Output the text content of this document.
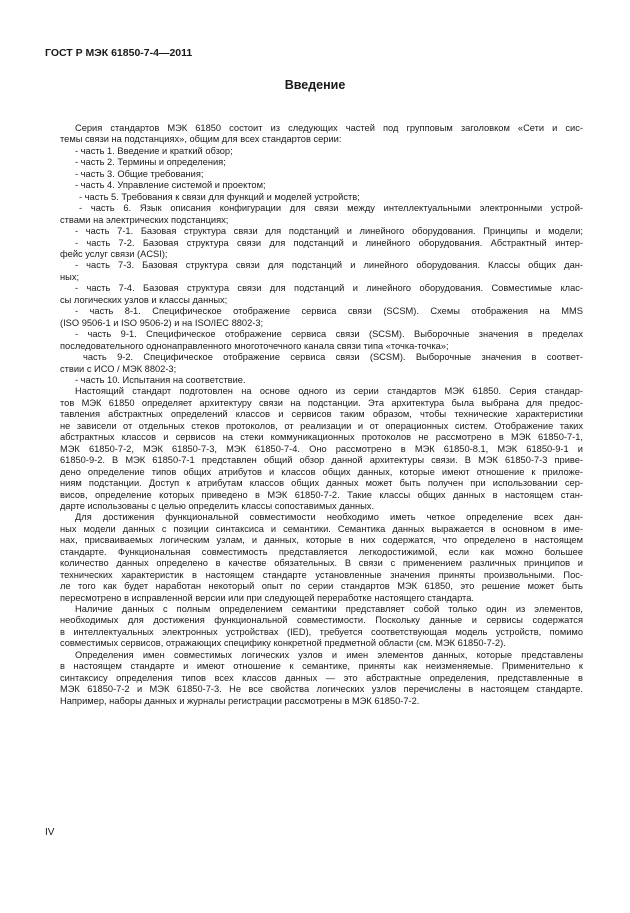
ГОСТ Р МЭК 61850-7-4—2011
Введение
Серия стандартов МЭК 61850 состоит из следующих частей под групповым заголовком «Сети и сис-
темы связи на подстанциях», общим для всех стандартов серии:
- часть 1. Введение и краткий обзор;
- часть 2. Термины и определения;
- часть 3. Общие требования;
- часть 4. Управление системой и проектом;
- часть 5. Требования к связи для функций и моделей устройств;
- часть 6. Язык описания конфигурации для связи между интеллектуальными электронными устрой-
ствами на электрических подстанциях;
- часть 7-1. Базовая структура связи для подстанций и линейного оборудования. Принципы и модели;
- часть 7-2. Базовая структура связи для подстанций и линейного оборудования. Абстрактный интер-
фейс услуг связи (ACSI);
- часть 7-3. Базовая структура связи для подстанций и линейного оборудования. Классы общих дан-
ных;
- часть 7-4. Базовая структура связи для подстанций и линейного оборудования. Совместимые клас-
сы логических узлов и классы данных;
- часть 8-1. Специфическое отображение сервиса связи (SCSM). Схемы отображения на MMS
(ISO 9506-1 и ISO 9506-2) и на ISO/IEC 8802-3;
- часть 9-1. Специфическое отображение сервиса связи (SCSM). Выборочные значения в пределах
последовательного однонаправленного многоточечного канала связи типа «точка-точка»;
часть 9-2. Специфическое отображение сервиса связи (SCSM). Выборочные значения в соответ-
ствии с ИСО / МЭК 8802-3;
- часть 10. Испытания на соответствие.
Настоящий стандарт подготовлен на основе одного из серии стандартов МЭК 61850. Серия стандар-
тов МЭК 61850 определяет архитектуру связи на подстанции. Эта архитектура была выбрана для предос-
тавления абстрактных определений классов и сервисов таким образом, чтобы технические характеристики
не зависели от отдельных стеков протоколов, от реализации и от операционных систем. Отображение таких
абстрактных классов и сервисов на стеки коммуникационных протоколов не рассмотрено в МЭК 61850-7-1,
МЭК 61850-7-2, МЭК 61850-7-3, МЭК 61850-7-4. Оно рассмотрено в МЭК 61850-8.1, МЭК 61850-9-1 и
61850-9-2. В МЭК 61850-7-1 представлен общий обзор данной архитектуры связи. В МЭК 61850-7-3 приве-
дено определение типов общих атрибутов и классов общих данных, которые имеют отношение к приложе-
ниям подстанции. Доступ к атрибутам классов общих данных может быть получен при использовании сер-
висов, определение которых приведено в МЭК 61850-7-2. Такие классы общих данных в настоящем стан-
дарте использованы с целью определить классы сопоставимых данных.
Для достижения функциональной совместимости необходимо иметь четкое определение всех дан-
ных модели данных с позиции синтаксиса и семантики. Семантика данных выражается в основном в име-
нах, присваиваемых логическим узлам, и данных, которые в них содержатся, что определено в настоящем
стандарте. Функциональная совместимость представляется легкодостижимой, если как можно большее
количество данных определено в качестве обязательных. В связи с применением различных принципов и
технических характеристик в настоящем стандарте установленные значения приняты произвольными. Пос-
ле того как будет наработан некоторый опыт по серии стандартов МЭК 61850, это решение может быть
пересмотрено в исправленной версии или при следующей переработке настоящего стандарта.
Наличие данных с полным определением семантики представляет собой только один из элементов,
необходимых для достижения функциональной совместимости. Поскольку данные и сервисы содержатся
в интеллектуальных электронных устройствах (IED), требуется соответствующая модель устройств, помимо
совместимых сервисов, отражающих специфику конкретной предметной области (см. МЭК 61850-7-2).
Определения имен совместимых логических узлов и имен элементов данных, которые представлены
в настоящем стандарте и имеют отношение к семантике, приняты как неизменяемые. Применительно к
синтаксису определения типов всех классов данных — это абстрактные определения, представленные в
МЭК 61850-7-2 и МЭК 61850-7-3. Не все свойства логических узлов перечислены в настоящем стандарте.
Например, наборы данных и журналы регистрации рассмотрены в МЭК 61850-7-2.
IV
